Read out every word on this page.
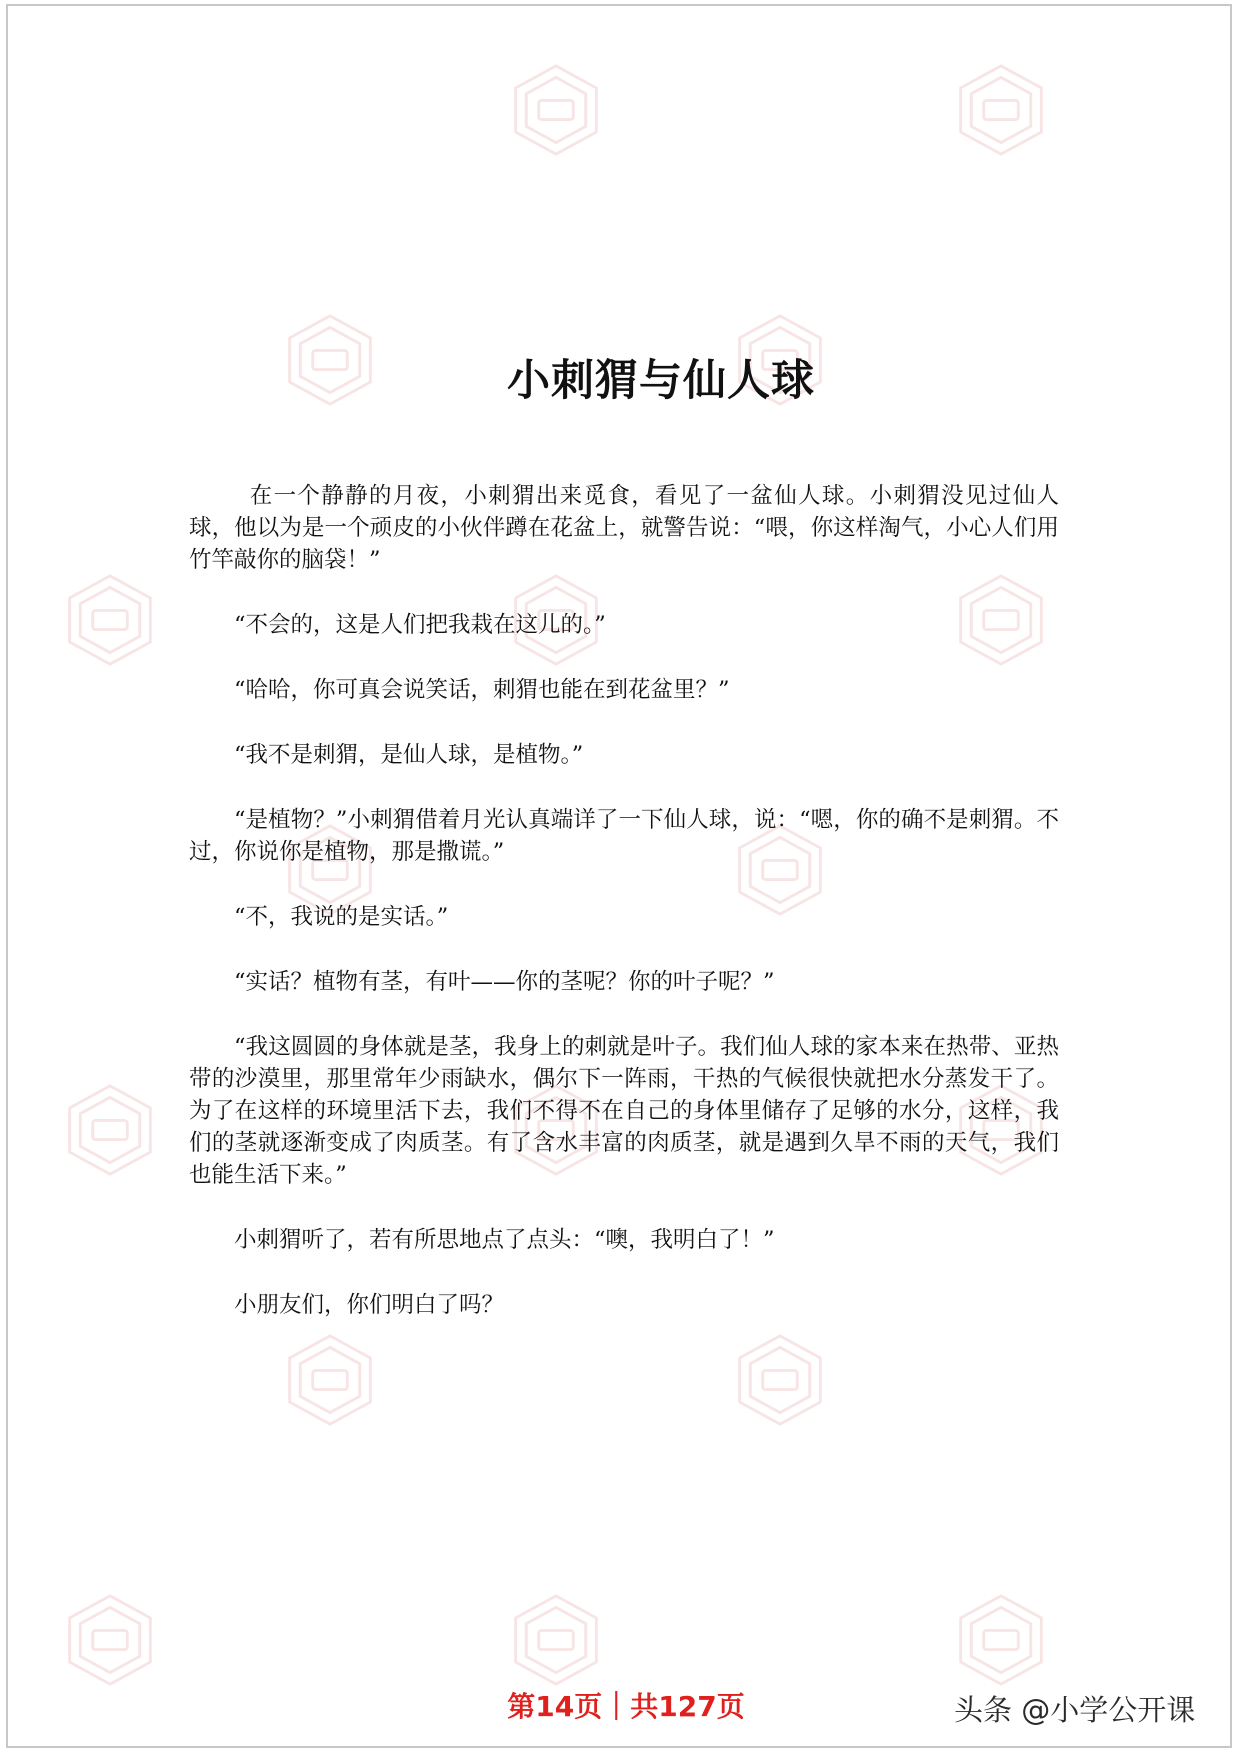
小刺猬与仙人球

在一个静静的月夜，小刺猬出来觅食，看见了一盆仙人球。小刺猬没见过仙人球，他以为是一个顽皮的小伙伴蹲在花盆上，就警告说：“喂，你这样淘气，小心人们用竹竿敲你的脑袋！”

“不会的，这是人们把我栽在这儿的。”

“哈哈，你可真会说笑话，刺猬也能在到花盆里？”

“我不是刺猬，是仙人球，是植物。”

“是植物？”小刺猬借着月光认真端详了一下仙人球，说：“嗯，你的确不是刺猬。不过，你说你是植物，那是撒谎。”

“不，我说的是实话。”

“实话？植物有茎，有叶——你的茎呢？你的叶子呢？”

“我这圆圆的身体就是茎，我身上的刺就是叶子。我们仙人球的家本来在热带、亚热带的沙漠里，那里常年少雨缺水，偶尔下一阵雨，干热的气候很快就把水分蒸发干了。为了在这样的环境里活下去，我们不得不在自己的身体里储存了足够的水分，这样，我们的茎就逐渐变成了肉质茎。有了含水丰富的肉质茎，就是遇到久旱不雨的天气，我们也能生活下来。”

小刺猬听了，若有所思地点了点头：“噢，我明白了！”

小朋友们，你们明白了吗？

第14页｜共127页	头条 @小学公开课
